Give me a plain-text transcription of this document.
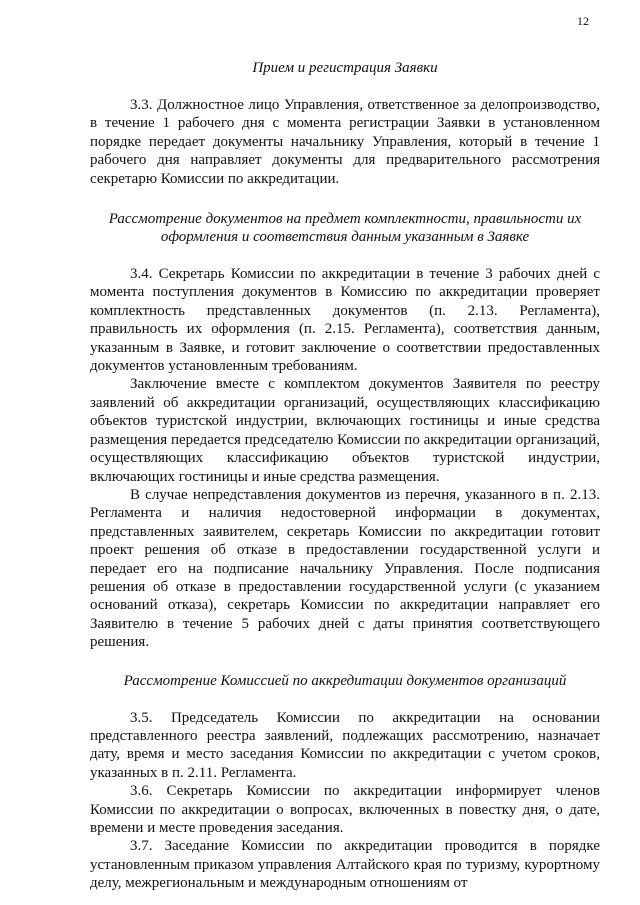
12

Прием и регистрация Заявки

3.3. Должностное лицо Управления, ответственное за делопроизводство, в течение 1 рабочего дня с момента регистрации Заявки в установленном порядке передает документы начальнику Управления, который в течение 1 рабочего дня направляет документы для предварительного рассмотрения секретарю Комиссии по аккредитации.

Рассмотрение документов на предмет комплектности, правильности их оформления и соответствия данным указанным в Заявке

3.4. Секретарь Комиссии по аккредитации в течение 3 рабочих дней с момента поступления документов в Комиссию по аккредитации проверяет комплектность представленных документов (п. 2.13. Регламента), правильность их оформления (п. 2.15. Регламента), соответствия данным, указанным в Заявке, и готовит заключение о соответствии предоставленных документов установленным требованиям.

Заключение вместе с комплектом документов Заявителя по реестру заявлений об аккредитации организаций, осуществляющих классификацию объектов туристской индустрии, включающих гостиницы и иные средства размещения передается председателю Комиссии по аккредитации организаций, осуществляющих классификацию объектов туристской индустрии, включающих гостиницы и иные средства размещения.

В случае непредставления документов из перечня, указанного в п. 2.13. Регламента и наличия недостоверной информации в документах, представленных заявителем, секретарь Комиссии по аккредитации готовит проект решения об отказе в предоставлении государственной услуги и передает его на подписание начальнику Управления. После подписания решения об отказе в предоставлении государственной услуги (с указанием оснований отказа), секретарь Комиссии по аккредитации направляет его Заявителю в течение 5 рабочих дней с даты принятия соответствующего решения.

Рассмотрение Комиссией по аккредитации документов организаций

3.5. Председатель Комиссии по аккредитации на основании представленного реестра заявлений, подлежащих рассмотрению, назначает дату, время и место заседания Комиссии по аккредитации с учетом сроков, указанных в п. 2.11. Регламента.

3.6. Секретарь Комиссии по аккредитации информирует членов Комиссии по аккредитации о вопросах, включенных в повестку дня, о дате, времени и месте проведения заседания.

3.7. Заседание Комиссии по аккредитации проводится в порядке установленным приказом управления Алтайского края по туризму, курортному делу, межрегиональным и международным отношениям от
